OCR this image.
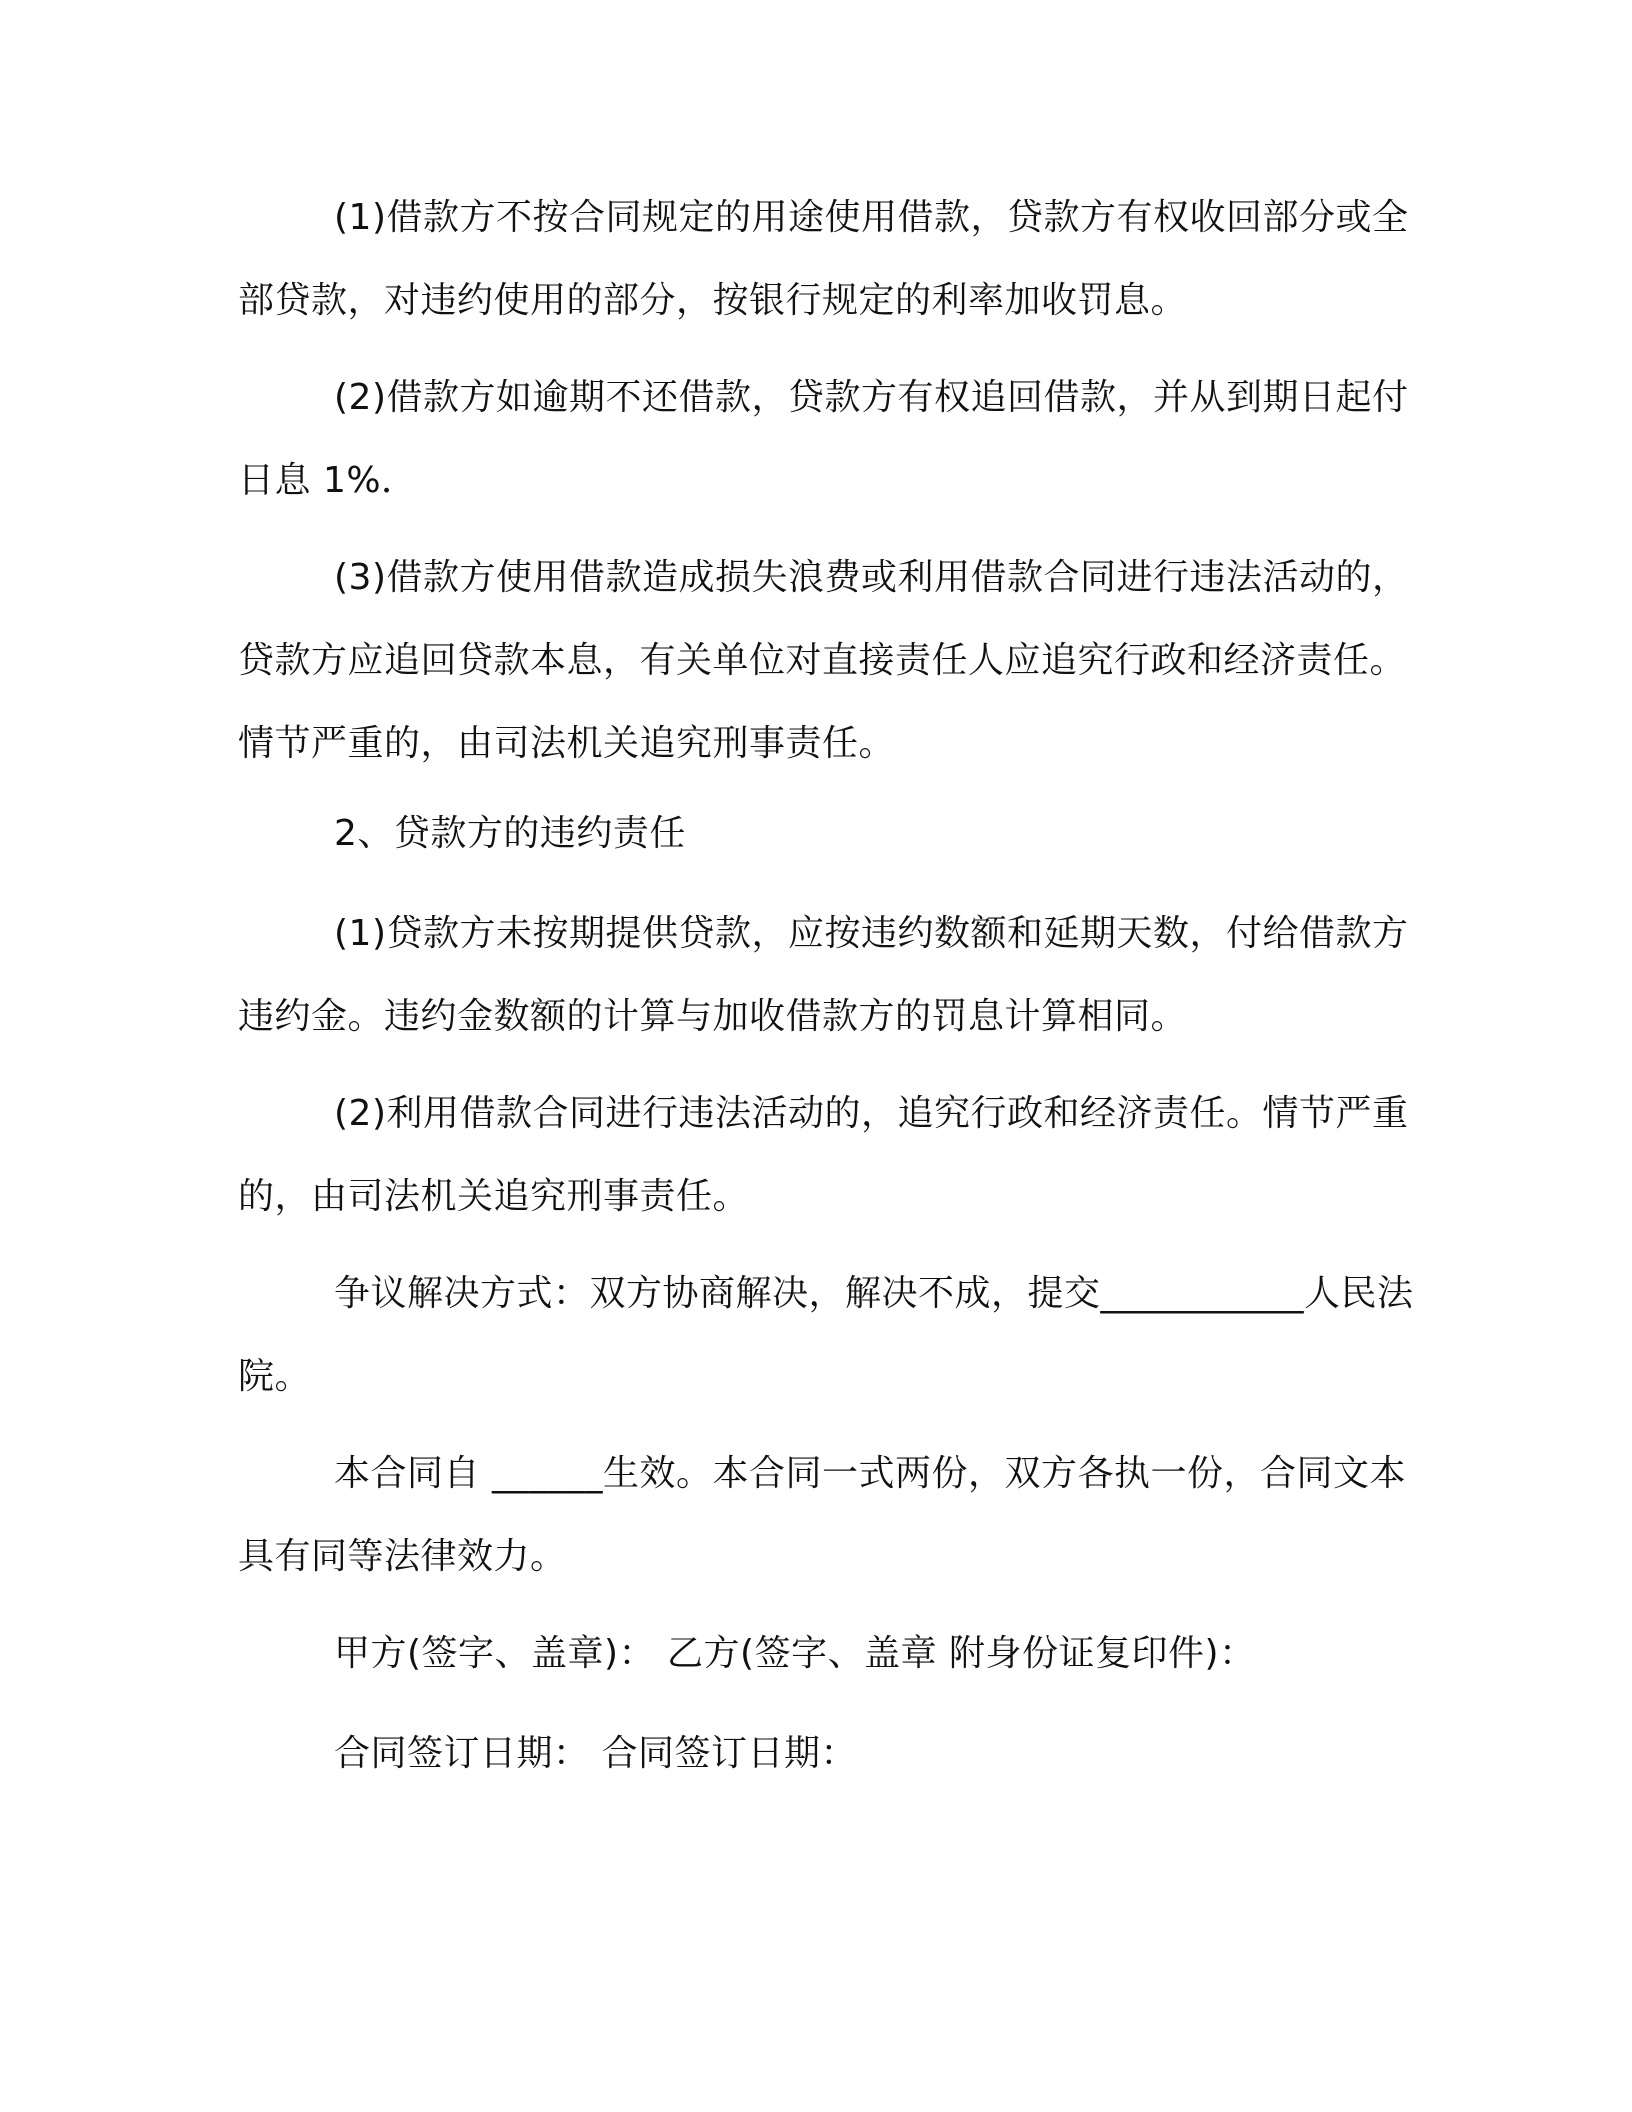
(1)借款方不按合同规定的用途使用借款，贷款方有权收回部分或全部贷款，对违约使用的部分，按银行规定的利率加收罚息。

(2)借款方如逾期不还借款，贷款方有权追回借款，并从到期日起付日息 1%．

(3)借款方使用借款造成损失浪费或利用借款合同进行违法活动的，贷款方应追回贷款本息，有关单位对直接责任人应追究行政和经济责任。情节严重的，由司法机关追究刑事责任。

2、贷款方的违约责任

(1)贷款方未按期提供贷款，应按违约数额和延期天数，付给借款方违约金。违约金数额的计算与加收借款方的罚息计算相同。

(2)利用借款合同进行违法活动的，追究行政和经济责任。情节严重的，由司法机关追究刑事责任。

争议解决方式：双方协商解决，解决不成，提交___________人民法院。

本合同自 ______生效。本合同一式两份，双方各执一份，合同文本具有同等法律效力。

甲方(签字、盖章)： 乙方(签字、盖章 附身份证复印件)：

合同签订日期： 合同签订日期：
